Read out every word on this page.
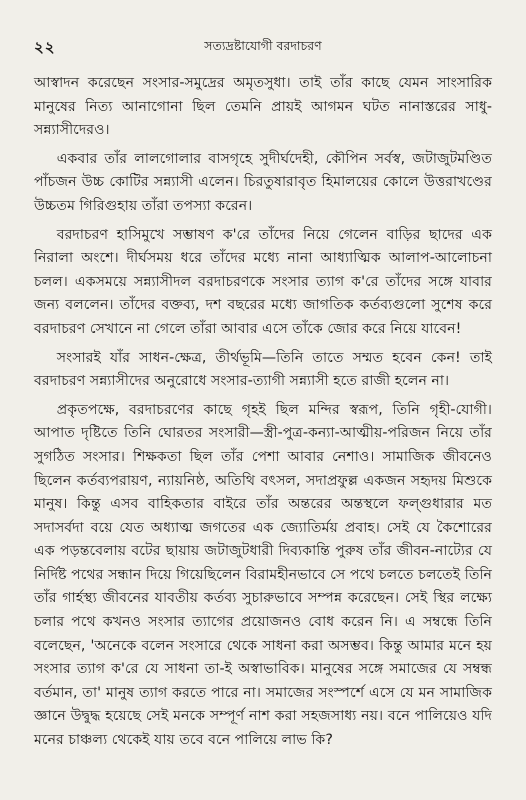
২২	সত্যদ্রষ্টাযোগী বরদাচরণ

আস্বাদন করেছেন সংসার-সমুদ্রের অমৃতসুধা। তাই তাঁর কাছে যেমন সাংসারিক মানুষের নিত্য আনাগোনা ছিল তেমনি প্রায়ই আগমন ঘটত নানাস্তরের সাধু-সন্ন্যাসীদেরও।

একবার তাঁর লালগোলার বাসগৃহে সুদীর্ঘদেহী, কৌপিন সর্বস্ব, জটাজুটমণ্ডিত পাঁচজন উচ্চ কোটির সন্ন্যাসী এলেন। চিরতুষারাবৃত হিমালয়ের কোলে উত্তরাখণ্ডের উচ্চতম গিরিগুহায় তাঁরা তপস্যা করেন।

বরদাচরণ হাসিমুখে সম্ভাষণ ক'রে তাঁদের নিয়ে গেলেন বাড়ির ছাদের এক নিরালা অংশে। দীর্ঘসময় ধরে তাঁদের মধ্যে নানা আধ্যাত্মিক আলাপ-আলোচনা চলল। একসময়ে সন্ন্যাসীদল বরদাচরণকে সংসার ত্যাগ ক'রে তাঁদের সঙ্গে যাবার জন্য বললেন। তাঁদের বক্তব্য, দশ বছরের মধ্যে জাগতিক কর্তব্যগুলো সুশেষ করে বরদাচরণ সেখানে না গেলে তাঁরা আবার এসে তাঁকে জোর করে নিয়ে যাবেন!

সংসারই যাঁর সাধন-ক্ষেত্র, তীর্থভূমি—তিনি তাতে সম্মত হবেন কেন! তাই বরদাচরণ সন্ন্যাসীদের অনুরোধে সংসার-ত্যাগী সন্ন্যাসী হতে রাজী হলেন না।

প্রকৃতপক্ষে, বরদাচরণের কাছে গৃহই ছিল মন্দির স্বরূপ, তিনি গৃহী-যোগী। আপাত দৃষ্টিতে তিনি ঘোরতর সংসারী—স্ত্রী-পুত্র-কন্যা-আত্মীয়-পরিজন নিয়ে তাঁর সুগঠিত সংসার। শিক্ষকতা ছিল তাঁর পেশা আবার নেশাও। সামাজিক জীবনেও ছিলেন কর্তব্যপরায়ণ, ন্যায়নিষ্ঠ, অতিথি বৎসল, সদাপ্রফুল্ল একজন সহৃদয় মিশুকে মানুষ। কিন্তু এসব বাহিকতার বাইরে তাঁর অন্তরের অন্তস্থলে ফল্গুধারার মত সদাসর্বদা বয়ে যেত অধ্যাত্ম জগতের এক জ্যোতির্ময় প্রবাহ। সেই যে কৈশোরের এক পড়ন্তবেলায় বটের ছায়ায় জটাজুটধারী দিব্যকান্তি পুরুষ তাঁর জীবন-নাট্যের যে নির্দিষ্ট পথের সন্ধান দিয়ে গিয়েছিলেন বিরামহীনভাবে সে পথে চলতে চলতেই তিনি তাঁর গার্হস্থ্য জীবনের যাবতীয় কর্তব্য সুচারুভাবে সম্পন্ন করেছেন। সেই স্থির লক্ষ্যে চলার পথে কখনও সংসার ত্যাগের প্রয়োজনও বোধ করেন নি। এ সম্বন্ধে তিনি বলেছেন, 'অনেকে বলেন সংসারে থেকে সাধনা করা অসম্ভব। কিন্তু আমার মনে হয় সংসার ত্যাগ ক'রে যে সাধনা তা-ই অস্বাভাবিক। মানুষের সঙ্গে সমাজের যে সম্বন্ধ বর্তমান, তা' মানুষ ত্যাগ করতে পারে না। সমাজের সংস্পর্শে এসে যে মন সামাজিক জ্ঞানে উদ্বুদ্ধ হয়েছে সেই মনকে সম্পূর্ণ নাশ করা সহজসাধ্য নয়। বনে পালিয়েও যদি মনের চাঞ্চল্য থেকেই যায় তবে বনে পালিয়ে লাভ কি?
